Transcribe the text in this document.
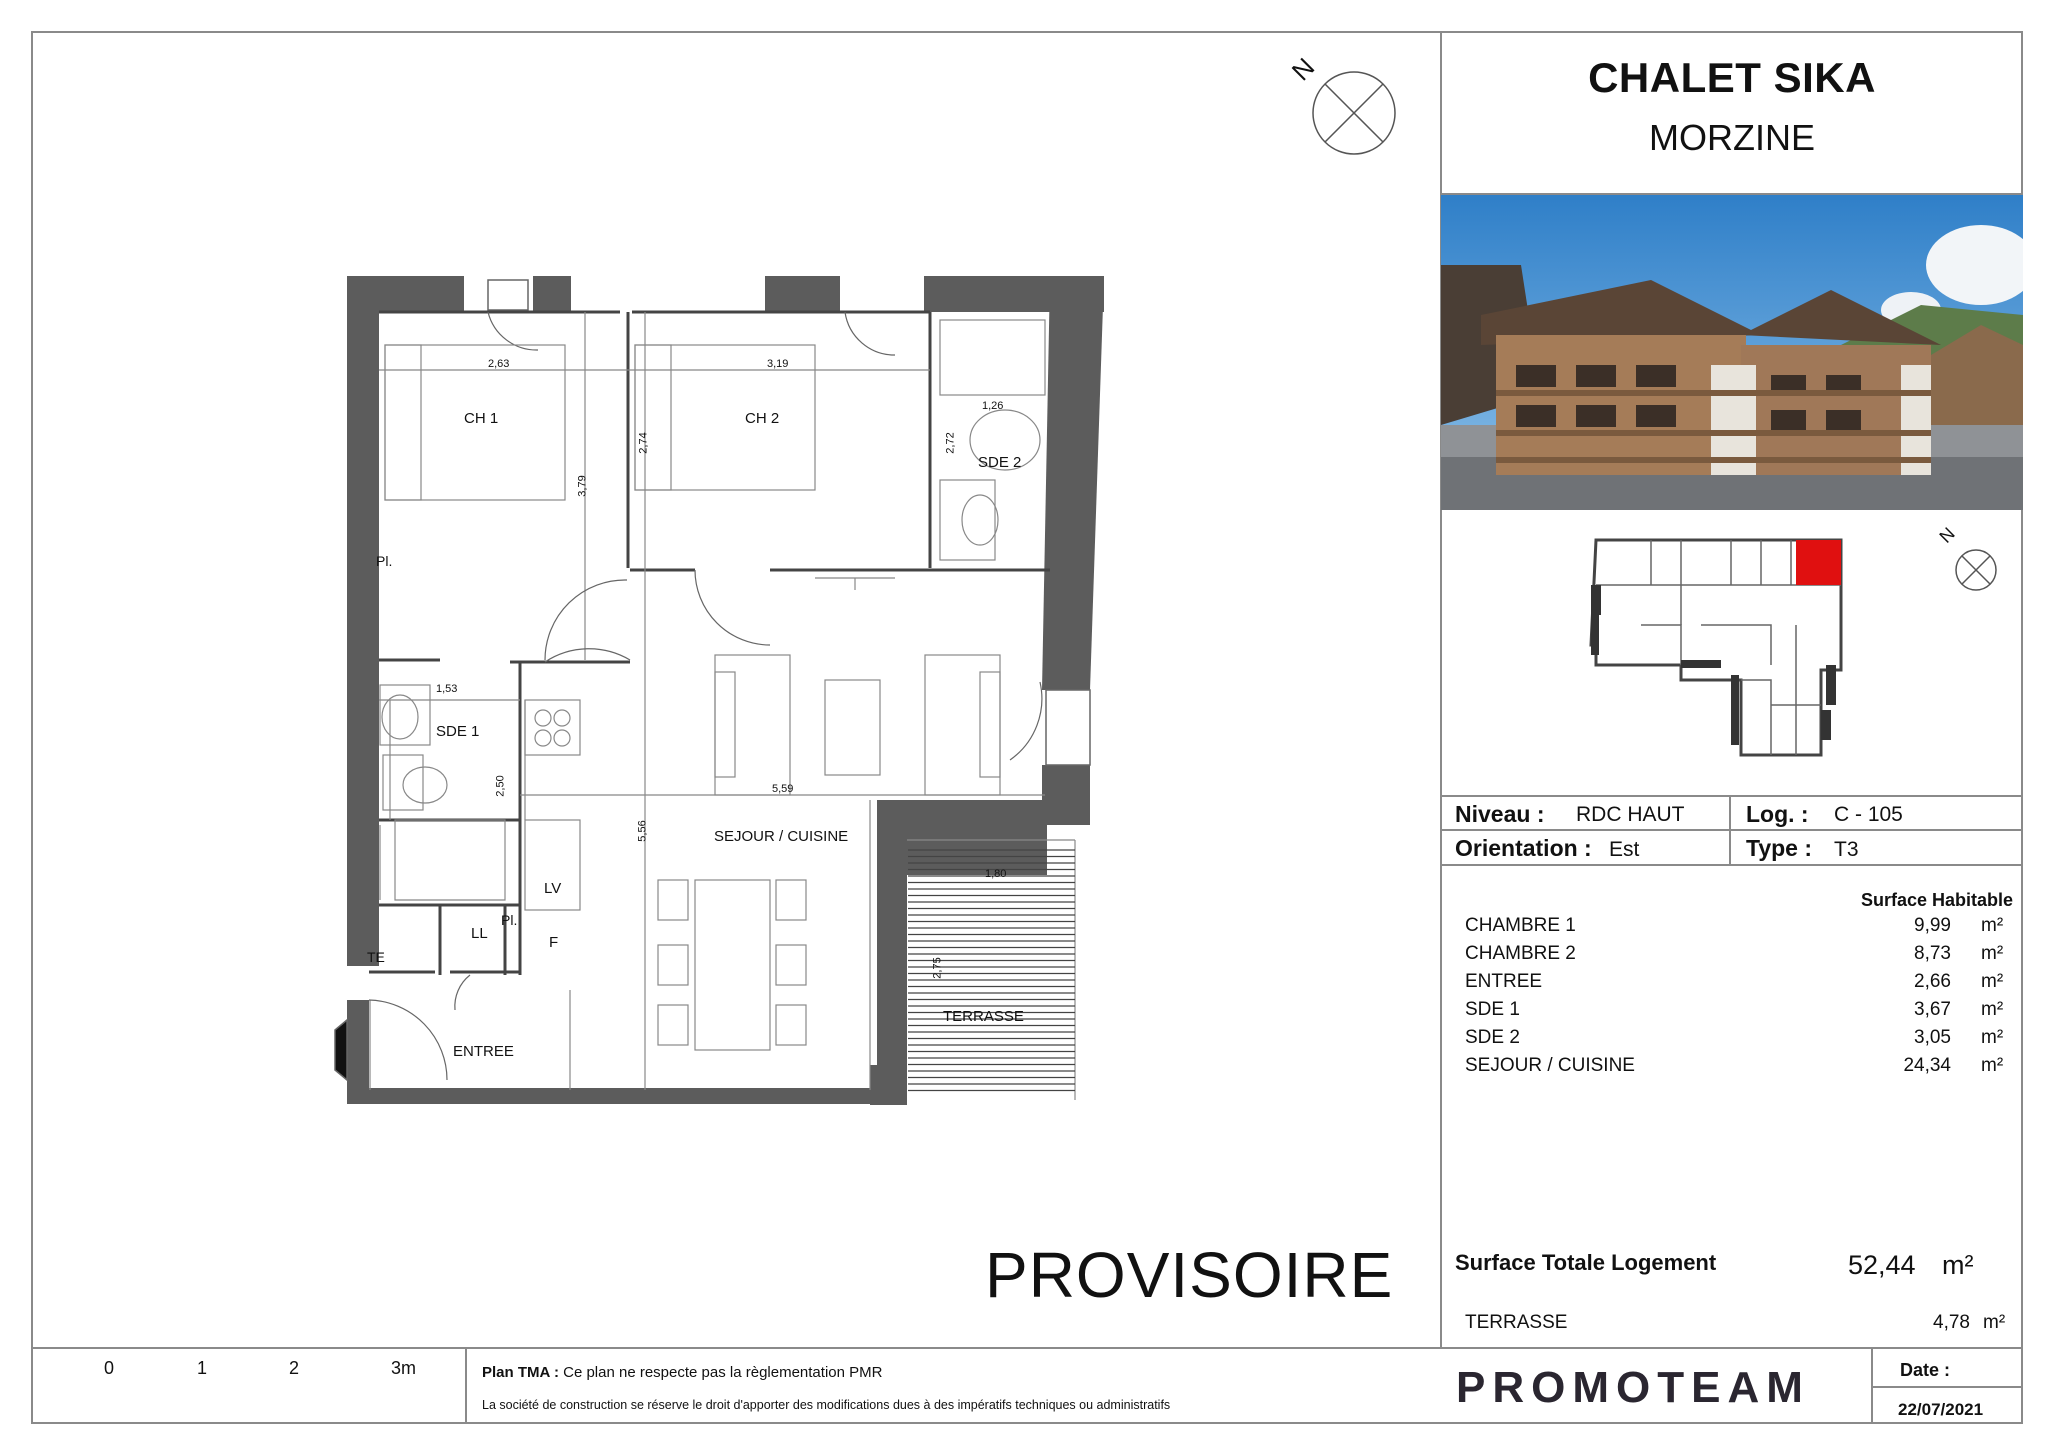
CHALET SIKA
MORZINE
N
Niveau : RDC HAUT	Log. : C - 105
Orientation : Est	Type : T3
Surface Habitable
CHAMBRE 1	9,99 m²
CHAMBRE 2	8,73 m²
ENTREE	2,66 m²
SDE 1	3,67 m²
SDE 2	3,05 m²
SEJOUR / CUISINE	24,34 m²
Surface Totale Logement	52,44 m²
TERRASSE	4,78 m²
CH 1	CH 2
SDE 2
SDE 1
SEJOUR / CUISINE
ENTREE
TERRASSE
Pl.
Pl.
LL
LV
F
TE
2,63	3,19
1,26
3,79
2,74	2,72
1,53
2,50	5,59
5,56
1,80
2,75
N
PROVISOIRE
0	1	2	3m	Plan TMA : Ce plan ne respecte pas la règlementation PMR
La société de construction se réserve le droit d'apporter des modifications dues à des impératifs techniques ou administratifs	PROMOTEAM	Date :
22/07/2021
